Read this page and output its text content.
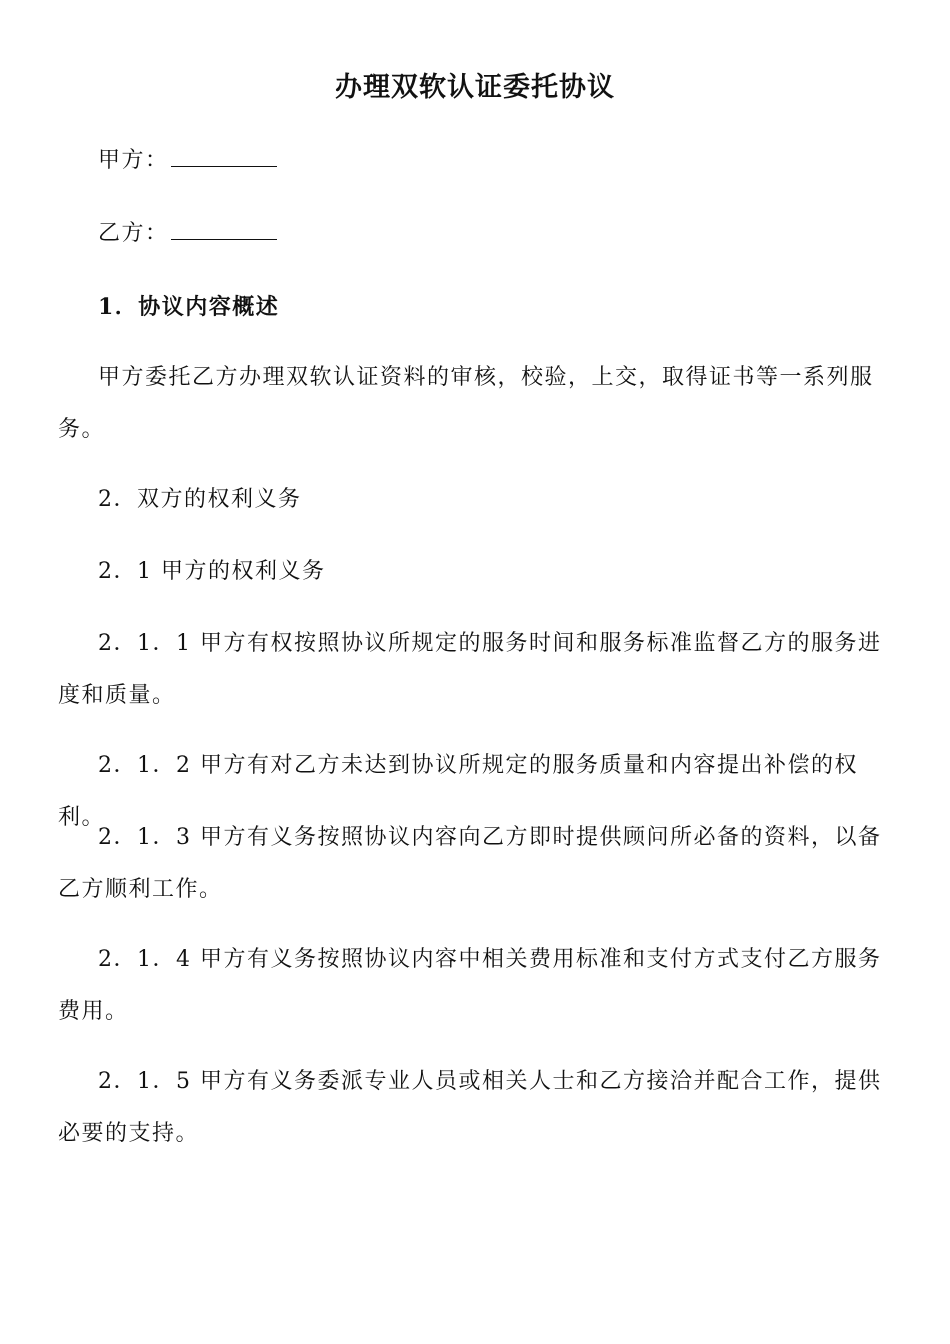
办理双软认证委托协议
甲方：
乙方：
1．协议内容概述
甲方委托乙方办理双软认证资料的审核，校验，上交，取得证书等一系列服务。
2．双方的权利义务
2．1 甲方的权利义务
2．1．1 甲方有权按照协议所规定的服务时间和服务标准监督乙方的服务进度和质量。
2．1．2 甲方有对乙方未达到协议所规定的服务质量和内容提出补偿的权利。
2．1．3 甲方有义务按照协议内容向乙方即时提供顾问所必备的资料，以备乙方顺利工作。
2．1．4 甲方有义务按照协议内容中相关费用标准和支付方式支付乙方服务费用。
2．1．5 甲方有义务委派专业人员或相关人士和乙方接洽并配合工作，提供必要的支持。
